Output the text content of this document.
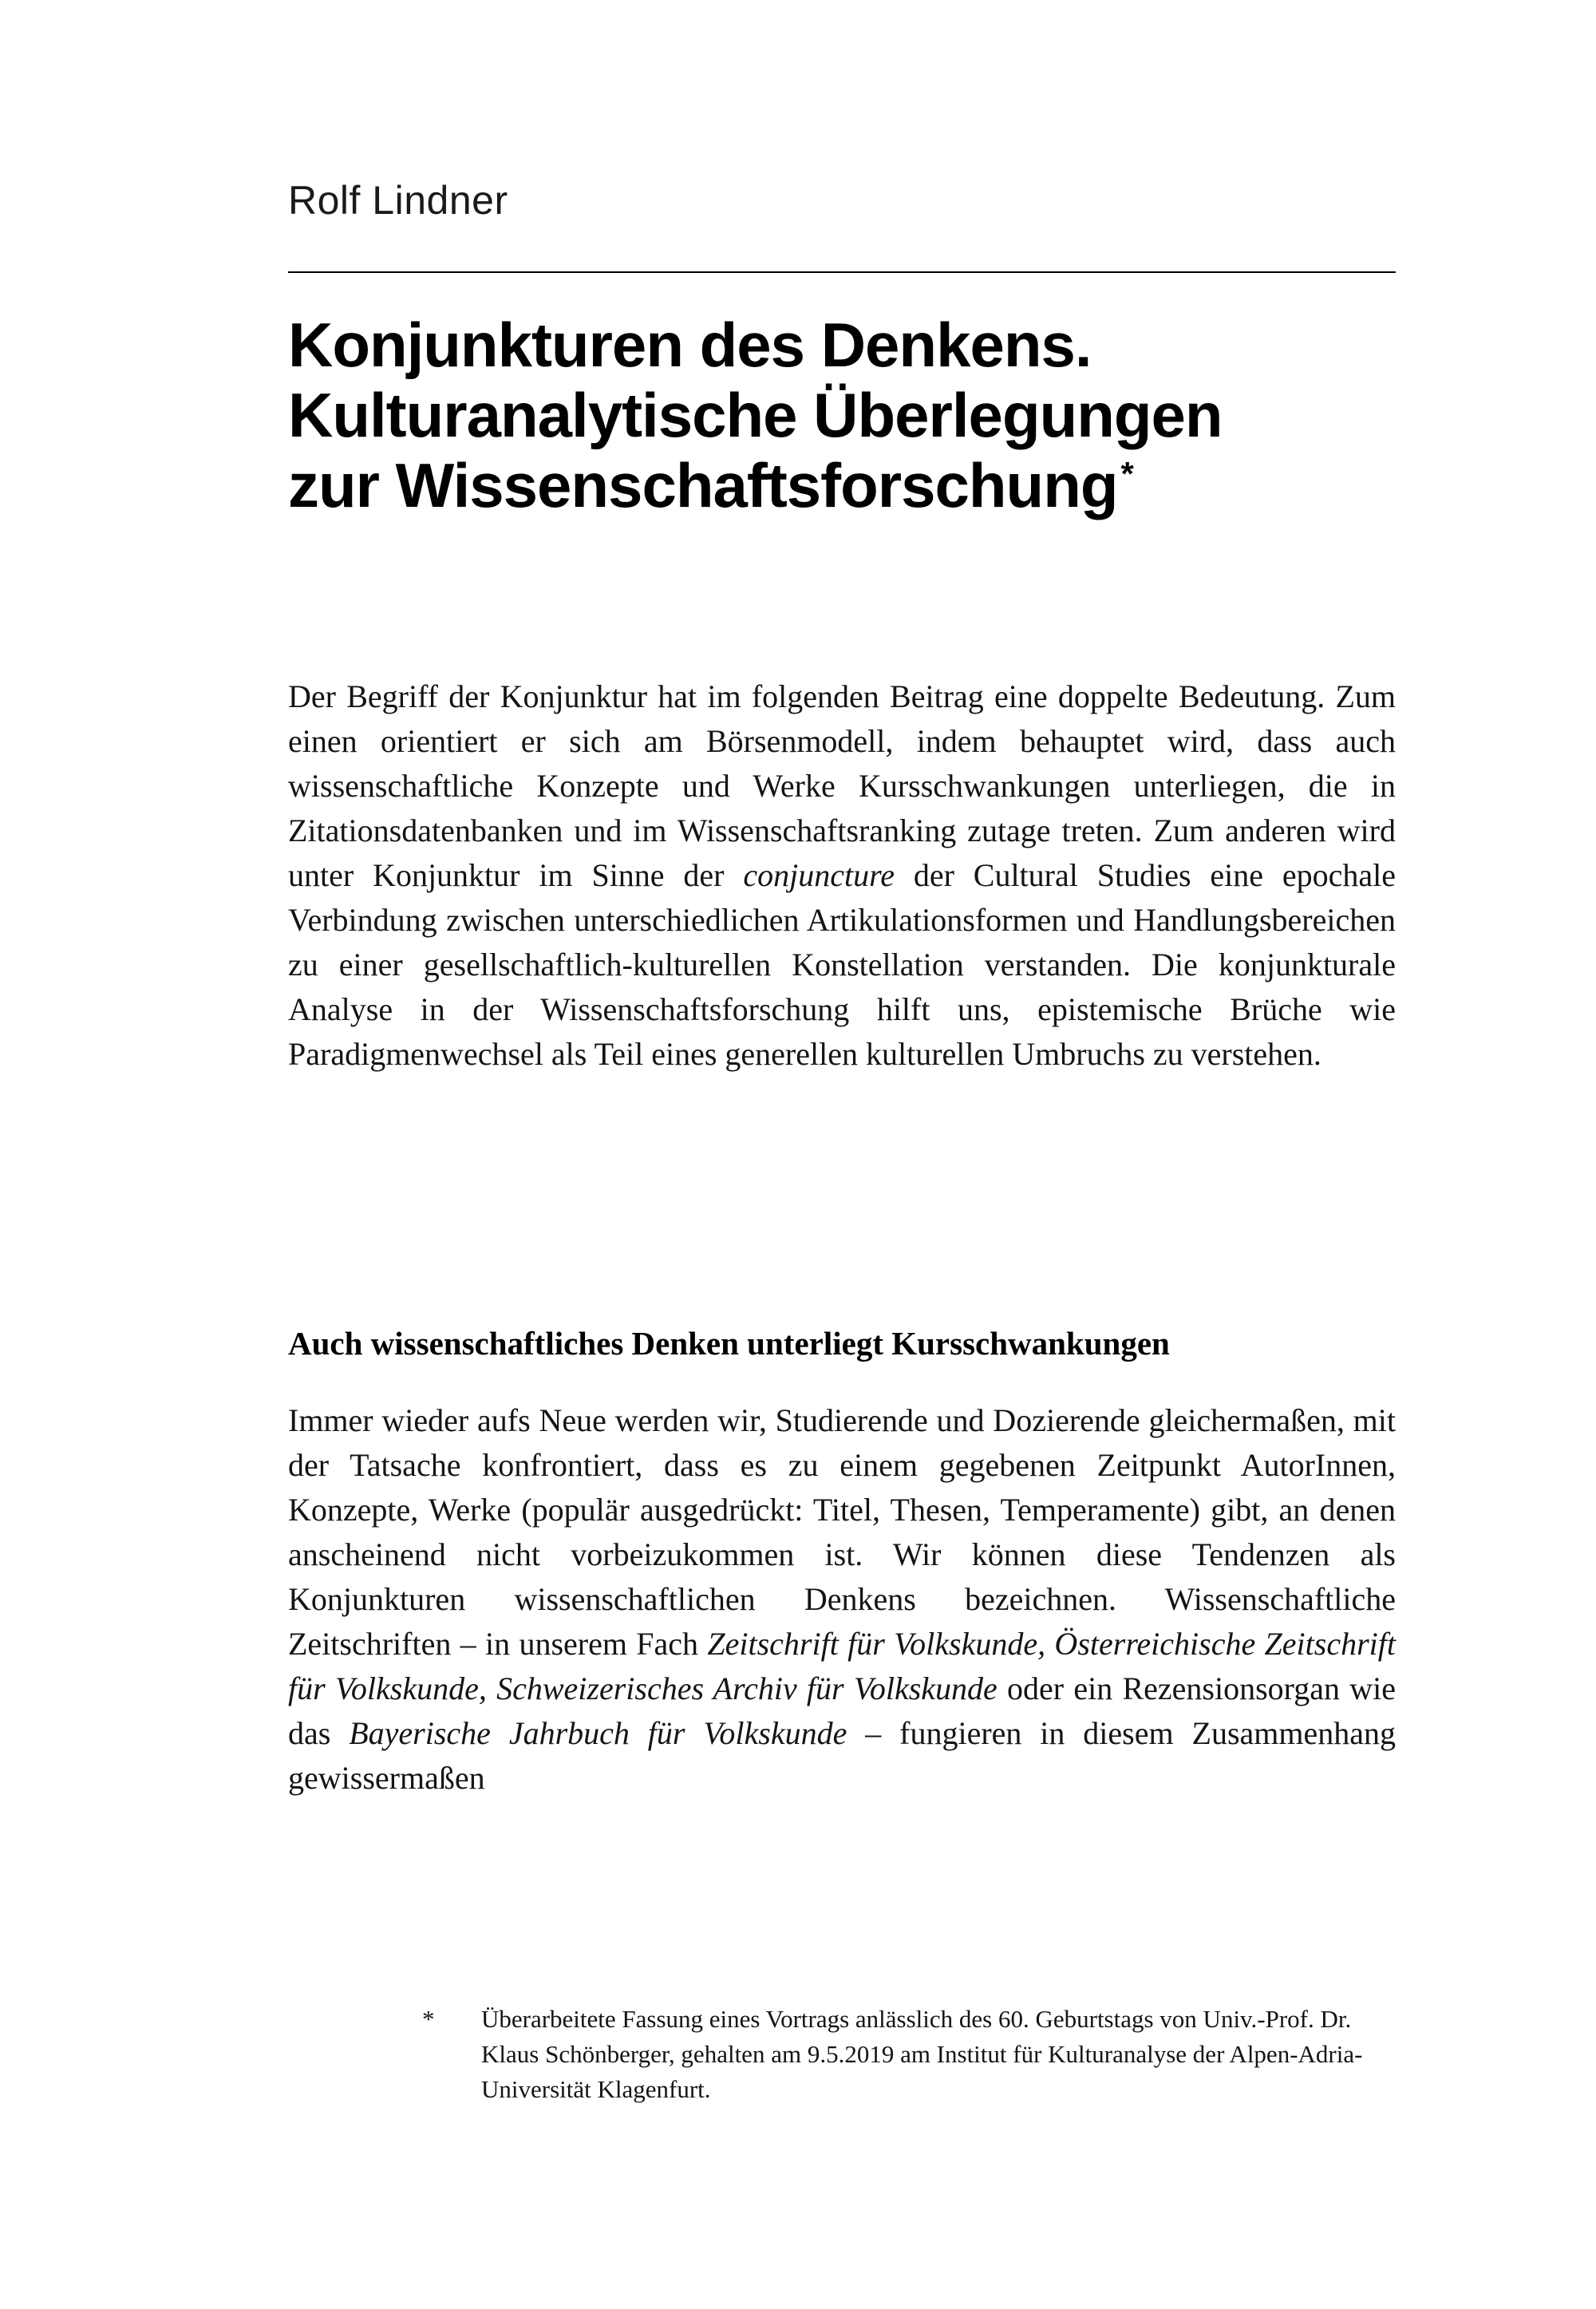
Rolf Lindner
Konjunkturen des Denkens.
Kulturanalytische Überlegungen
zur Wissenschaftsforschung*

Der Begriff der Konjunktur hat im folgenden Beitrag eine doppelte Bedeutung. Zum einen orientiert er sich am Börsenmodell, indem behauptet wird, dass auch wissenschaftliche Konzepte und Werke Kursschwankungen unterliegen, die in Zitationsdatenbanken und im Wissenschaftsranking zutage treten. Zum anderen wird unter Konjunktur im Sinne der conjuncture der Cultural Studies eine epochale Verbindung zwischen unterschiedlichen Artikulationsformen und Handlungsbereichen zu einer gesellschaftlich-kulturellen Konstellation verstanden. Die konjunkturale Analyse in der Wissenschaftsforschung hilft uns, epistemische Brüche wie Paradigmenwechsel als Teil eines generellen kulturellen Umbruchs zu verstehen.

Auch wissenschaftliches Denken unterliegt Kursschwankungen

Immer wieder aufs Neue werden wir, Studierende und Dozierende gleichermaßen, mit der Tatsache konfrontiert, dass es zu einem gegebenen Zeitpunkt AutorInnen, Konzepte, Werke (populär ausgedrückt: Titel, Thesen, Temperamente) gibt, an denen anscheinend nicht vorbeizukommen ist. Wir können diese Tendenzen als Konjunkturen wissenschaftlichen Denkens bezeichnen. Wissenschaftliche Zeitschriften – in unserem Fach Zeitschrift für Volkskunde, Österreichische Zeitschrift für Volkskunde, Schweizerisches Archiv für Volkskunde oder ein Rezensionsorgan wie das Bayerische Jahrbuch für Volkskunde – fungieren in diesem Zusammenhang gewissermaßen

*	Überarbeitete Fassung eines Vortrags anlässlich des 60. Geburtstags von Univ.-Prof. Dr. Klaus Schönberger, gehalten am 9.5.2019 am Institut für Kulturanalyse der Alpen-Adria-Universität Klagenfurt.
